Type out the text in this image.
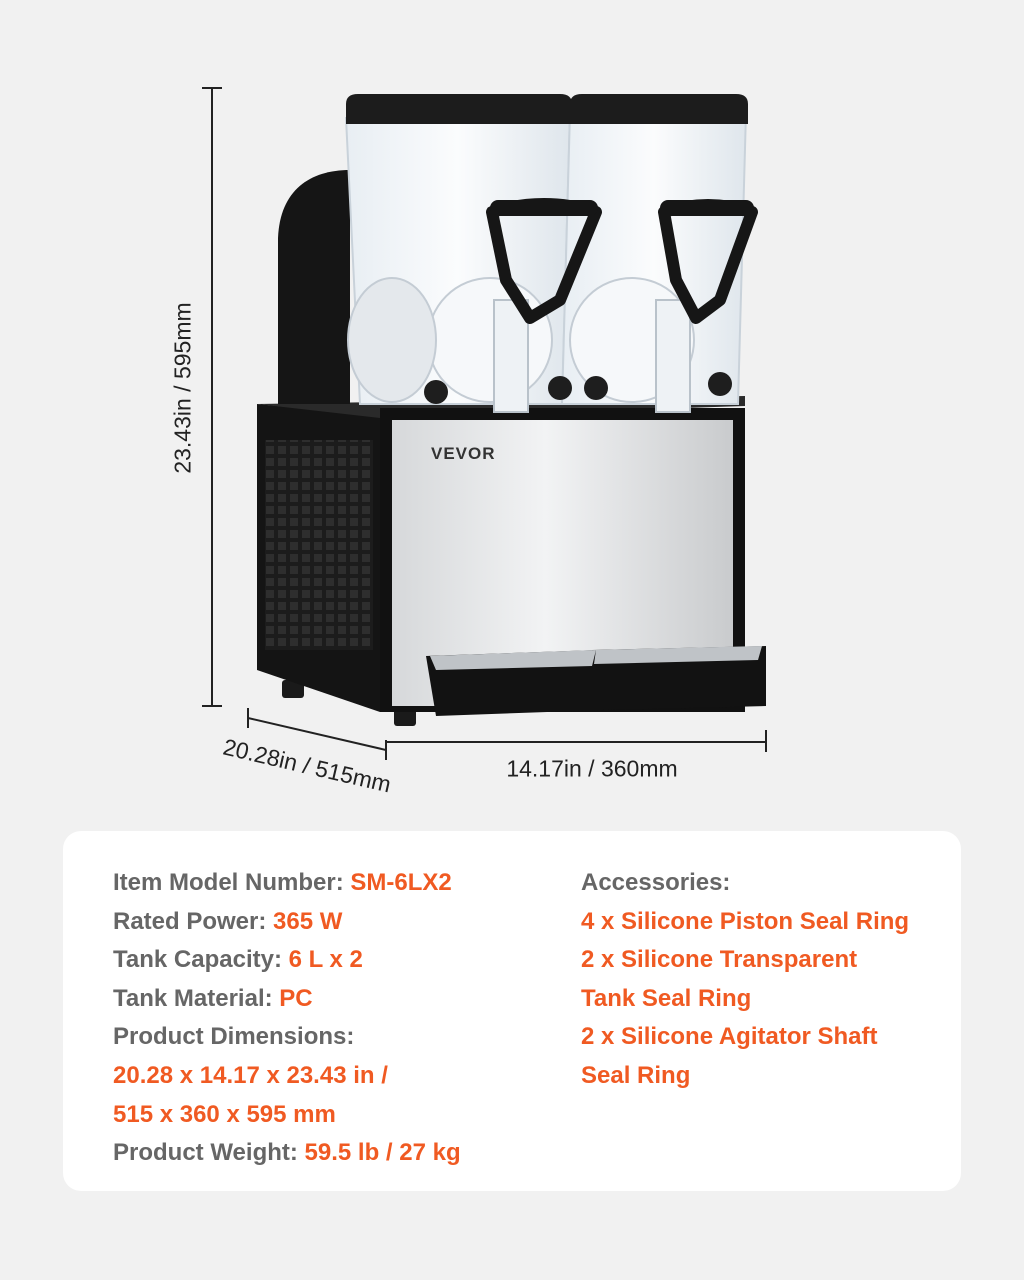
VEVOR
23.43in / 595mm
20.28in / 515mm	14.17in / 360mm
Item Model Number: SM-6LX2
Rated Power: 365 W
Tank Capacity: 6 L x 2
Tank Material: PC
Product Dimensions:
20.28 x 14.17 x 23.43 in /
515 x 360 x 595 mm
Product Weight: 59.5 lb / 27 kg
Accessories:
4 x Silicone Piston Seal Ring
2 x Silicone Transparent
Tank Seal Ring
2 x Silicone Agitator Shaft
Seal Ring
